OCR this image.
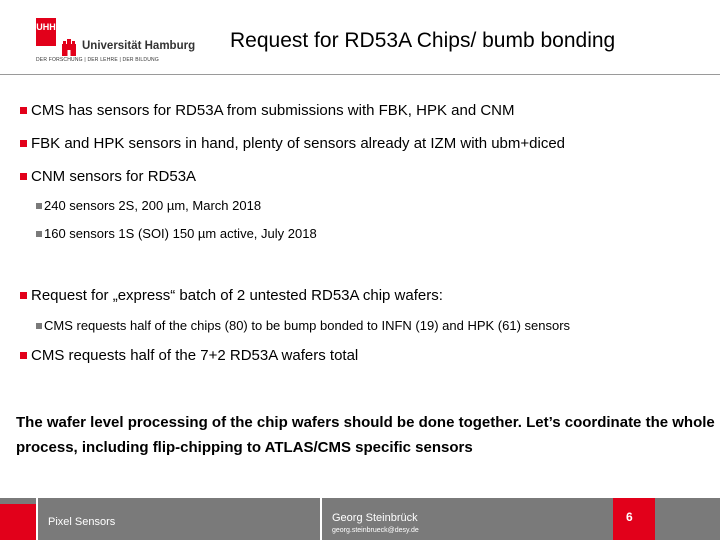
UHH
Universität Hamburg
DER FORSCHUNG | DER LEHRE | DER BILDUNG
Request for RD53A Chips/ bumb bonding
CMS has sensors for RD53A from submissions with FBK, HPK and CNM
FBK and HPK sensors in hand, plenty of sensors already at IZM with ubm+diced
CNM sensors for RD53A
240 sensors 2S, 200 µm, March 2018
160 sensors 1S (SOI) 150 µm active, July 2018
Request for „express“ batch of 2 untested RD53A chip wafers:
CMS requests half of the chips (80) to be bump bonded to INFN (19) and HPK (61) sensors
CMS requests half of the 7+2 RD53A wafers total
The wafer level processing of the chip wafers should be done together. Let’s coordinate the whole process, including flip-chipping to ATLAS/CMS specific sensors
Pixel Sensors	Georg Steinbrück
georg.steinbrueck@desy.de
6
